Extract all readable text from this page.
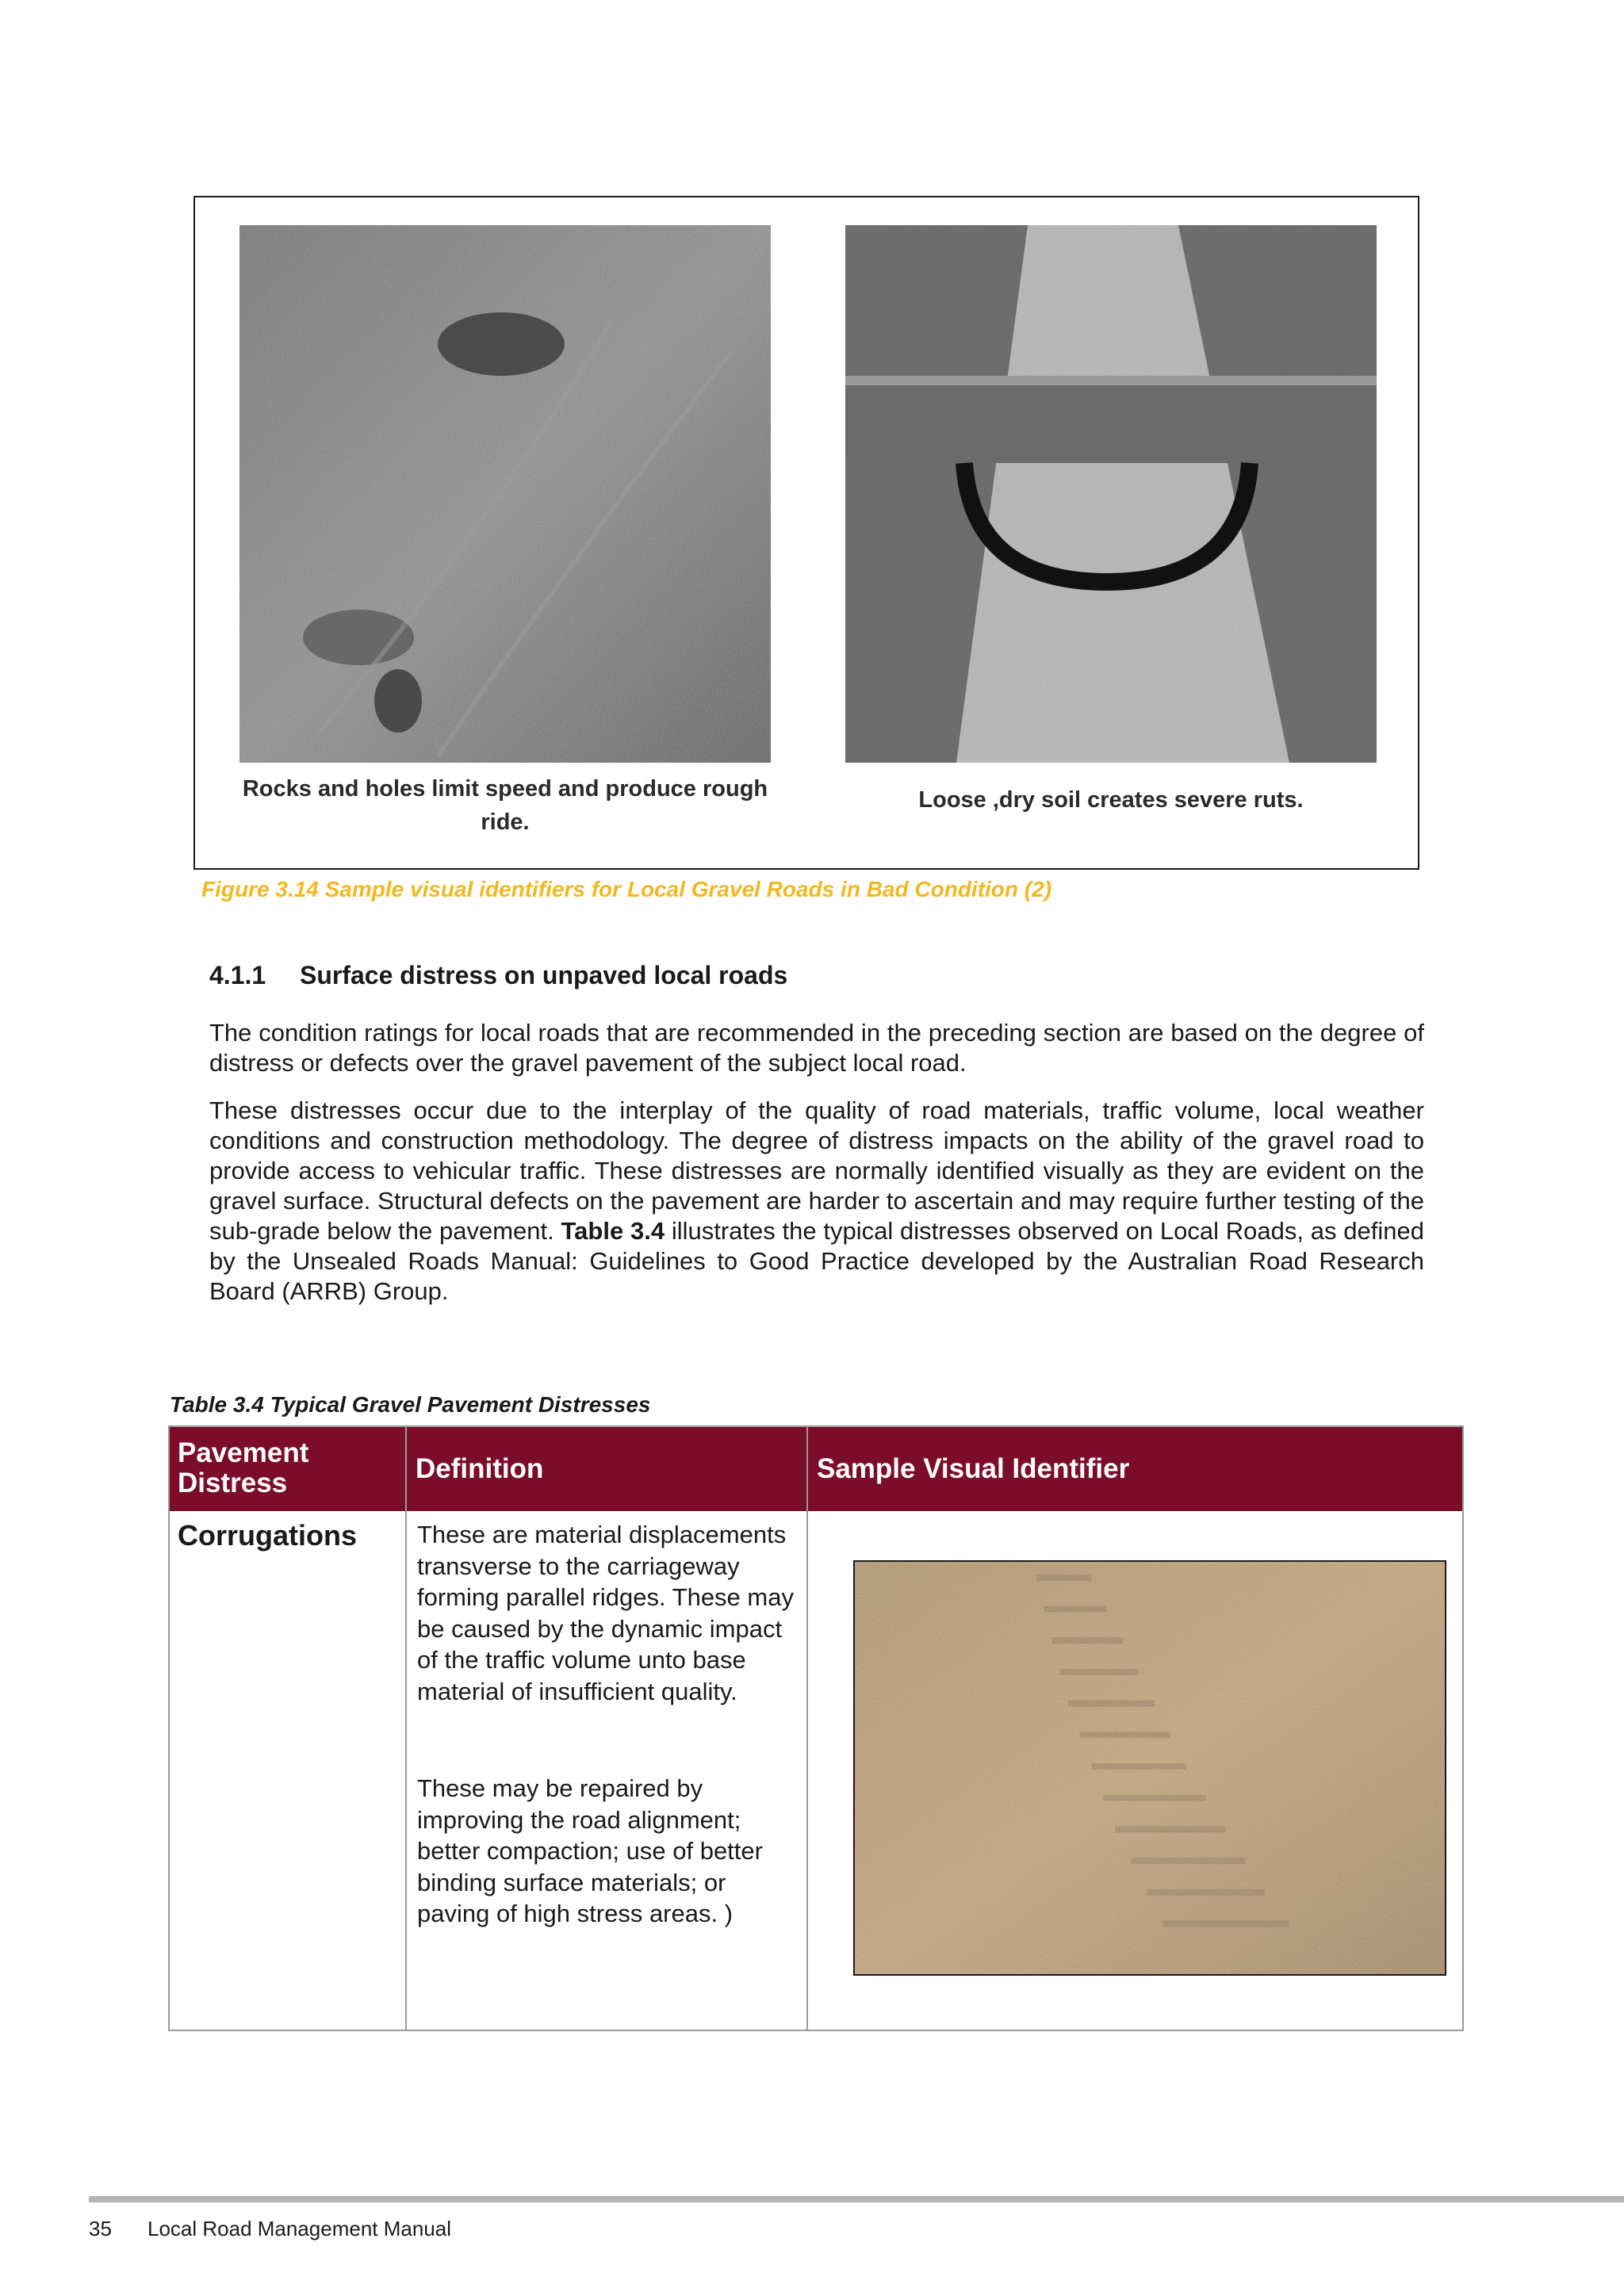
Rocks and holes limit speed and produce rough ride.
Loose ,dry soil creates severe ruts.
Figure 3.14 Sample visual identifiers for Local Gravel Roads in Bad Condition (2)
4.1.1 Surface distress on unpaved local roads
The condition ratings for local roads that are recommended in the preceding section are based on the degree of distress or defects over the gravel pavement of the subject local road.
These distresses occur due to the interplay of the quality of road materials, traffic volume, local weather conditions and construction methodology. The degree of distress impacts on the ability of the gravel road to provide access to vehicular traffic. These distresses are normally identified visually as they are evident on the gravel surface. Structural defects on the pavement are harder to ascertain and may require further testing of the sub-grade below the pavement. Table 3.4 illustrates the typical distresses observed on Local Roads, as defined by the Unsealed Roads Manual: Guidelines to Good Practice developed by the Australian Road Research Board (ARRB) Group.
Table 3.4 Typical Gravel Pavement Distresses
Pavement Distress	Definition	Sample Visual Identifier
Corrugations These are material displacements transverse to the carriageway forming parallel ridges. These may be caused by the dynamic impact of the traffic volume unto base material of insufficient quality.
These may be repaired by improving the road alignment; better compaction; use of better binding surface materials; or paving of high stress areas. )
35 Local Road Management Manual
